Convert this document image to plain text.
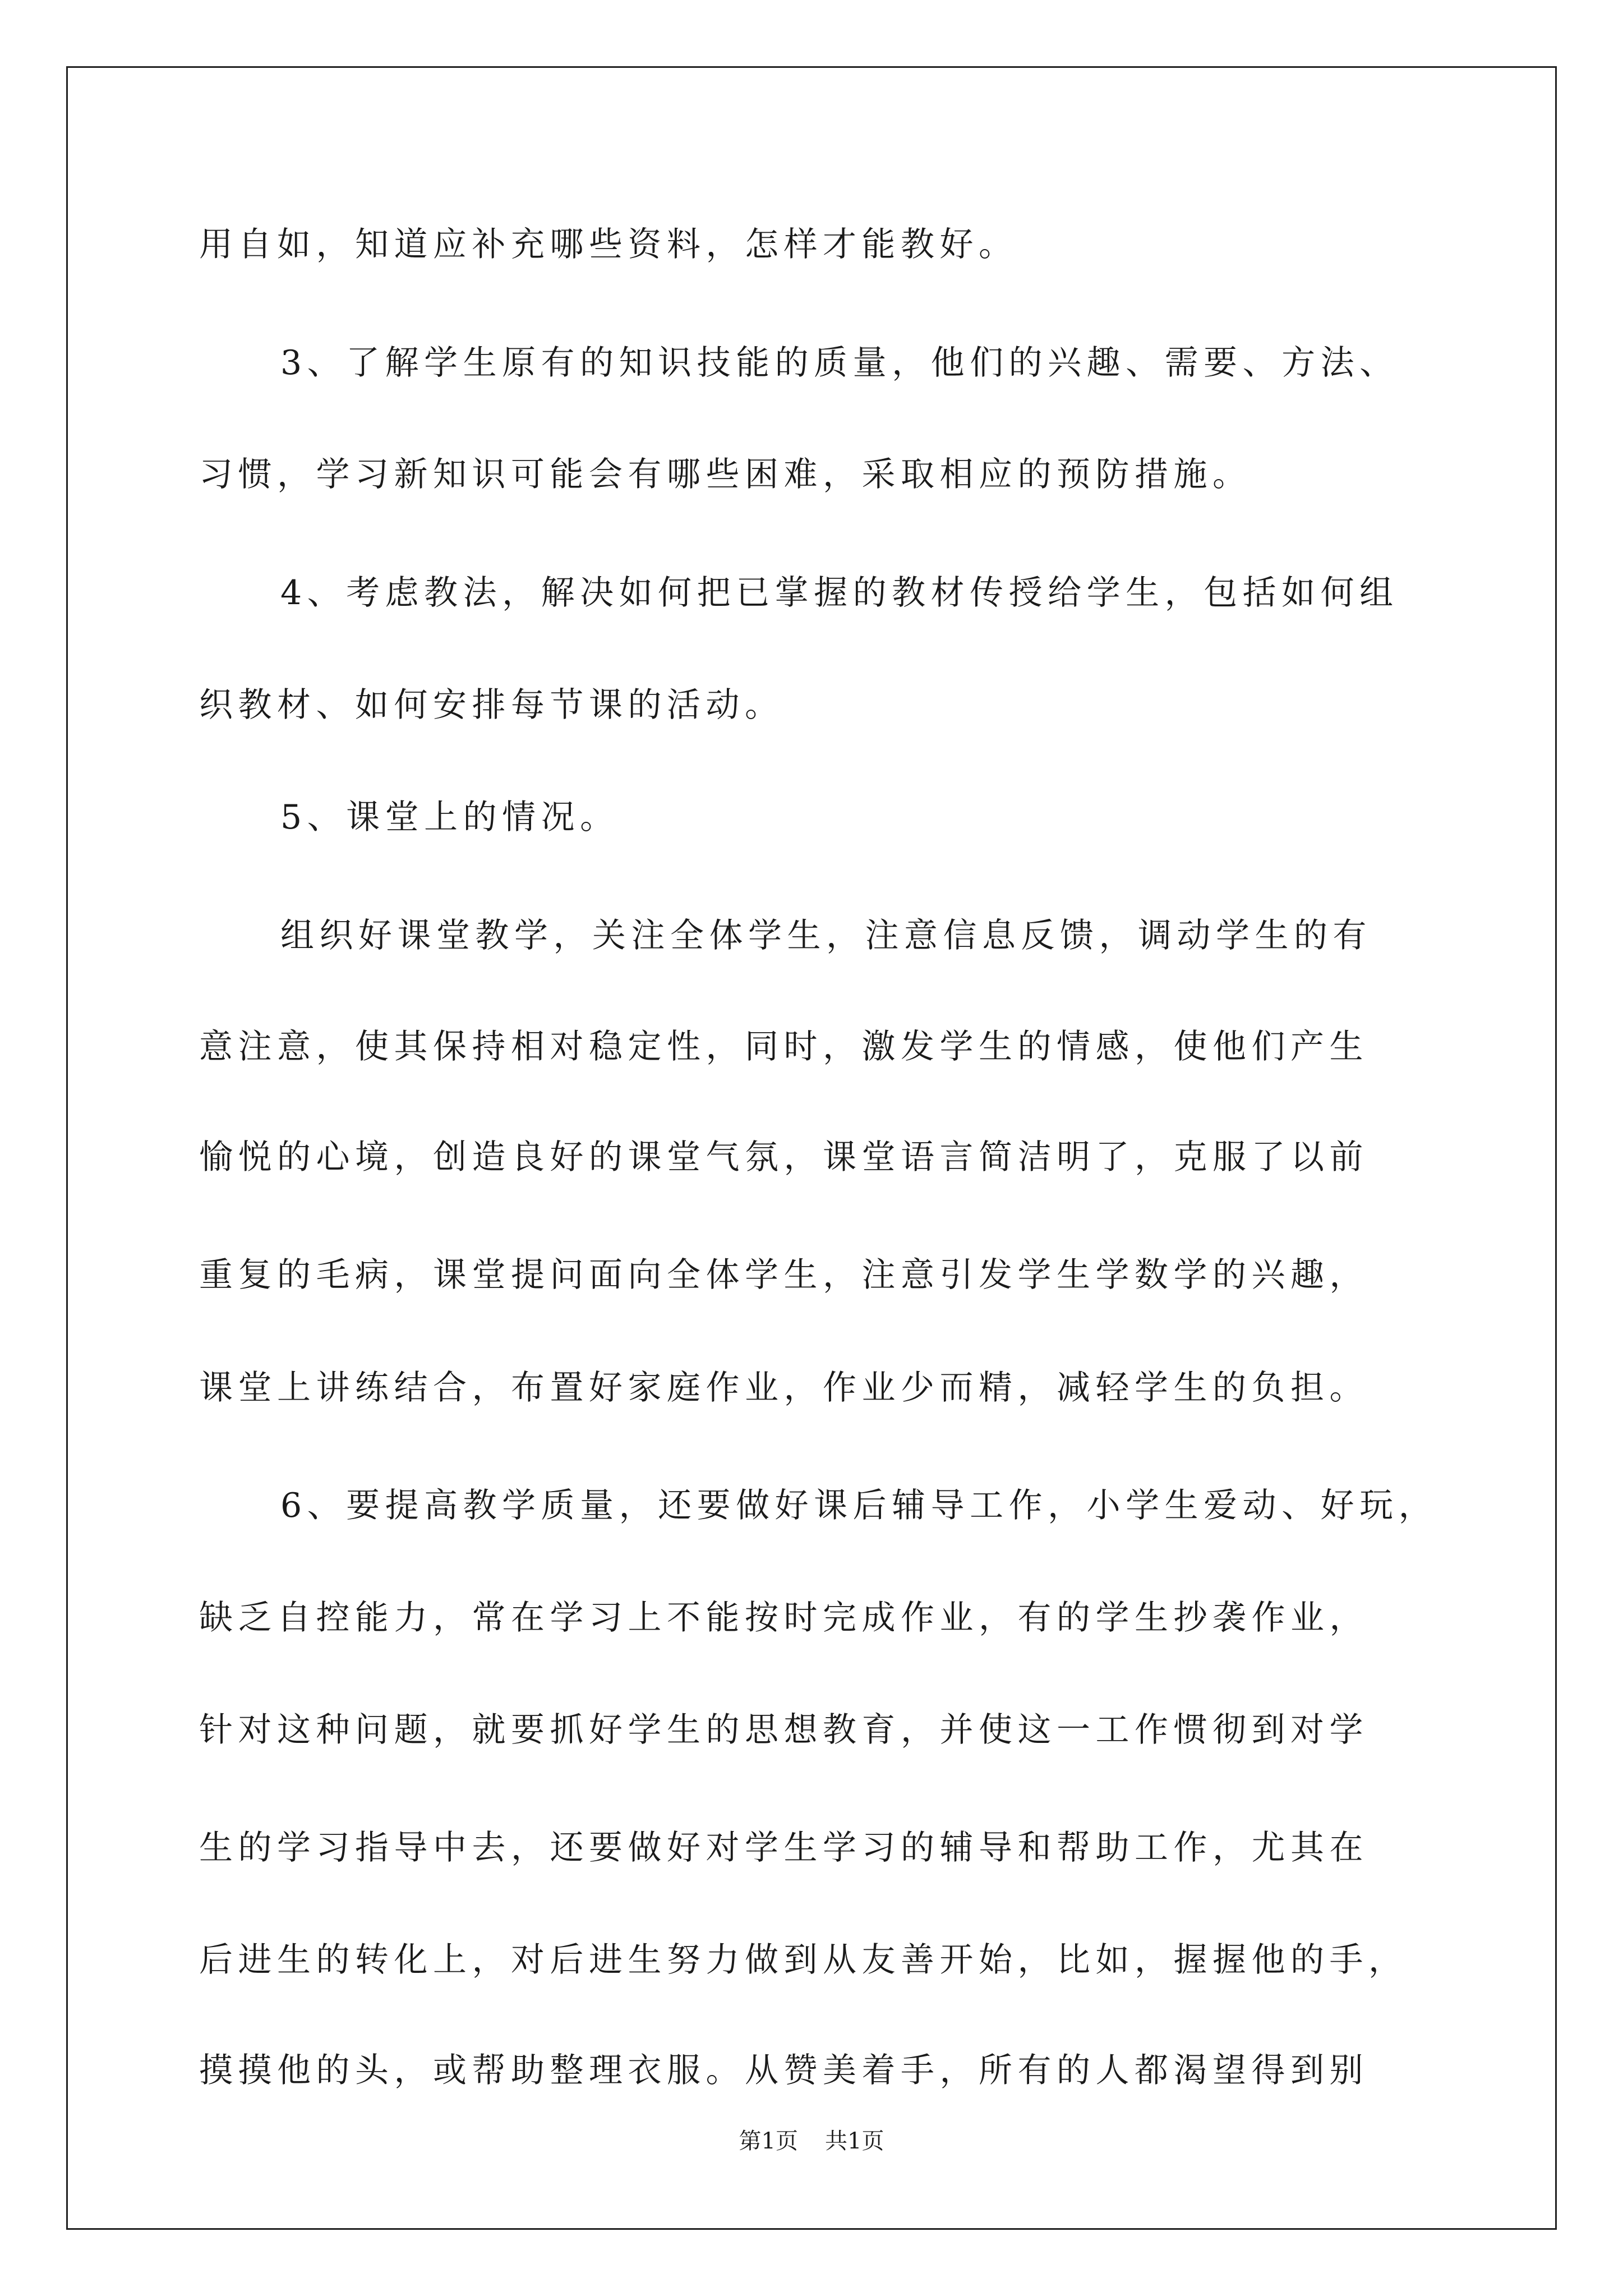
用自如，知道应补充哪些资料，怎样才能教好。
3、了解学生原有的知识技能的质量，他们的兴趣、需要、方法、
习惯，学习新知识可能会有哪些困难，采取相应的预防措施。
4、考虑教法，解决如何把已掌握的教材传授给学生，包括如何组
织教材、如何安排每节课的活动。
5、课堂上的情况。
组织好课堂教学，关注全体学生，注意信息反馈，调动学生的有
意注意，使其保持相对稳定性，同时，激发学生的情感，使他们产生
愉悦的心境，创造良好的课堂气氛，课堂语言简洁明了，克服了以前
重复的毛病，课堂提问面向全体学生，注意引发学生学数学的兴趣，
课堂上讲练结合，布置好家庭作业，作业少而精，减轻学生的负担。
6、要提高教学质量，还要做好课后辅导工作，小学生爱动、好玩，
缺乏自控能力，常在学习上不能按时完成作业，有的学生抄袭作业，
针对这种问题，就要抓好学生的思想教育，并使这一工作惯彻到对学
生的学习指导中去，还要做好对学生学习的辅导和帮助工作，尤其在
后进生的转化上，对后进生努力做到从友善开始，比如，握握他的手，
摸摸他的头，或帮助整理衣服。从赞美着手，所有的人都渴望得到别
第1页 共1页
